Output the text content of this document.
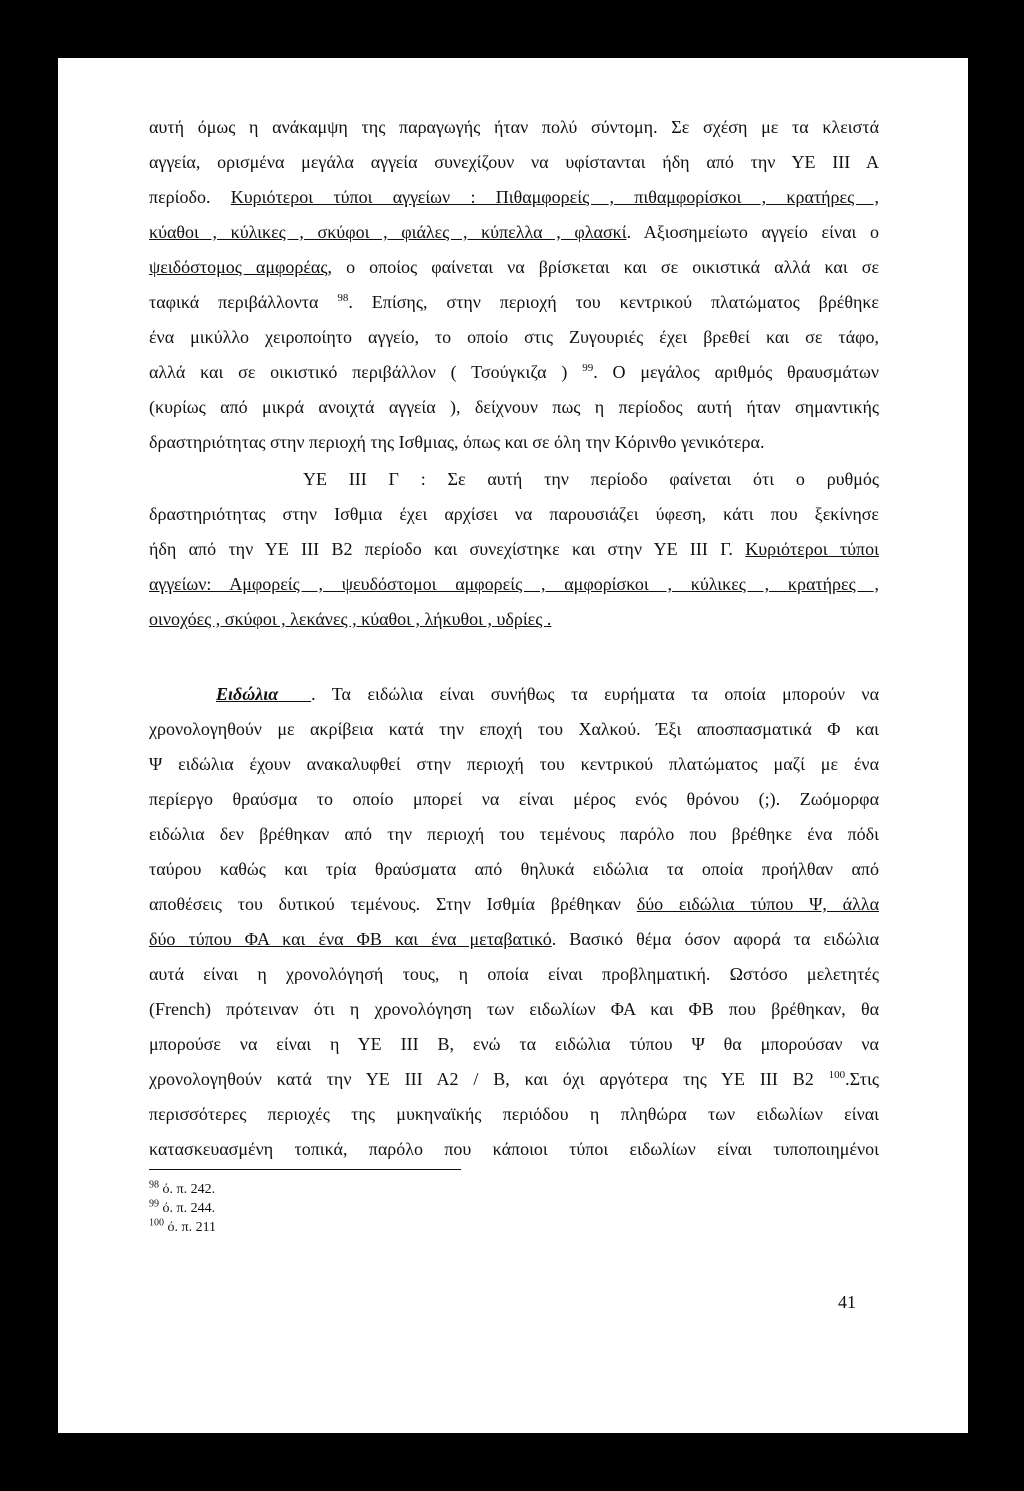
αυτή όμως η ανάκαμψη της παραγωγής ήταν πολύ σύντομη. Σε σχέση με τα κλειστά
αγγεία, ορισμένα μεγάλα αγγεία συνεχίζουν να υφίστανται ήδη από την ΥΕ ΙΙΙ Α
περίοδο. Κυριότεροι τύποι αγγείων : Πιθαμφορείς , πιθαμφορίσκοι , κρατήρες ,
κύαθοι , κύλικες , σκύφοι , φιάλες , κύπελλα , φλασκί. Αξιοσημείωτο αγγείο είναι ο
ψειδόστομος αμφορέας, ο οποίος φαίνεται να βρίσκεται και σε οικιστικά αλλά και σε
ταφικά περιβάλλοντα $^{98}$. Επίσης, στην περιοχή του κεντρικού πλατώματος βρέθηκε
ένα μικύλλο χειροποίητο αγγείο, το οποίο στις Ζυγουριές έχει βρεθεί και σε τάφο,
αλλά και σε οικιστικό περιβάλλον ( Τσούγκιζα ) $^{99}$. Ο μεγάλος αριθμός θραυσμάτων
(κυρίως από μικρά ανοιχτά αγγεία ), δείχνουν πως η περίοδος αυτή ήταν σημαντικής
δραστηριότητας στην περιοχή της Ισθμιας, όπως και σε όλη την Κόρινθο γενικότερα.
ΥΕ ΙΙΙ Γ : Σε αυτή την περίοδο φαίνεται ότι ο ρυθμός
δραστηριότητας στην Ισθμια έχει αρχίσει να παρουσιάζει ύφεση, κάτι που ξεκίνησε
ήδη από την ΥΕ ΙΙΙ Β2 περίοδο και συνεχίστηκε και στην ΥΕ ΙΙΙ Γ. Κυριότεροι τύποι
αγγείων: Αμφορείς , ψευδόστομοι αμφορείς , αμφορίσκοι , κύλικες , κρατήρες ,
οινοχόες , σκύφοι , λεκάνες , κύαθοι , λήκυθοι , υδρίες .
Ειδώλια . Τα ειδώλια είναι συνήθως τα ευρήματα τα οποία μπορούν να
χρονολογηθούν με ακρίβεια κατά την εποχή του Χαλκού. Έξι αποσπασματικά Φ και
Ψ ειδώλια έχουν ανακαλυφθεί στην περιοχή του κεντρικού πλατώματος μαζί με ένα
περίεργο θραύσμα το οποίο μπορεί να είναι μέρος ενός θρόνου (;). Ζωόμορφα
ειδώλια δεν βρέθηκαν από την περιοχή του τεμένους παρόλο που βρέθηκε ένα πόδι
ταύρου καθώς και τρία θραύσματα από θηλυκά ειδώλια τα οποία προήλθαν από
αποθέσεις του δυτικού τεμένους. Στην Ισθμία βρέθηκαν δύο ειδώλια τύπου Ψ, άλλα
δύο τύπου ΦΑ και ένα ΦΒ και ένα μεταβατικό. Βασικό θέμα όσον αφορά τα ειδώλια
αυτά είναι η χρονολόγησή τους, η οποία είναι προβληματική. Ωστόσο μελετητές
(French) πρότειναν ότι η χρονολόγηση των ειδωλίων ΦΑ και ΦΒ που βρέθηκαν, θα
μπορούσε να είναι η ΥΕ ΙΙΙ Β, ενώ τα ειδώλια τύπου Ψ θα μπορούσαν να
χρονολογηθούν κατά την ΥΕ ΙΙΙ Α2 / Β, και όχι αργότερα της ΥΕ ΙΙΙ Β2 $^{100}$.Στις
περισσότερες περιοχές της μυκηναϊκής περιόδου η πληθώρα των ειδωλίων είναι
κατασκευασμένη τοπικά, παρόλο που κάποιοι τύποι ειδωλίων είναι τυποποιημένοι
$^{98}$ ό. π. 242.
$^{99}$ ό. π. 244.
$^{100}$ ό. π. 211
41
